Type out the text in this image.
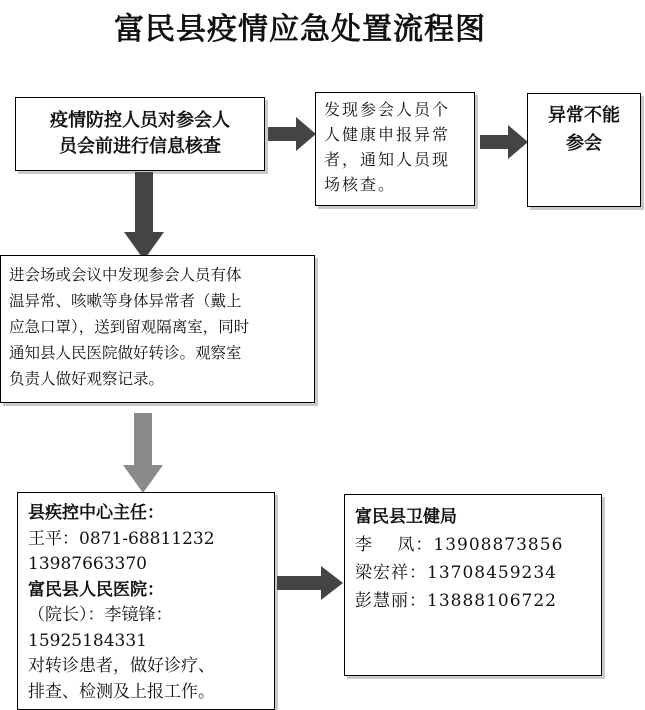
富民县疫情应急处置流程图

疫情防控人员对参会人
员会前进行信息核查

发现参会人员个
人健康申报异常
者，通知人员现
场核查。

异常不能
参会

进会场或会议中发现参会人员有体
温异常、咳嗽等身体异常者（戴上
应急口罩），送到留观隔离室，同时
通知县人民医院做好转诊。观察室
负责人做好观察记录。

县疾控中心主任：
王平：0871-68811232
13987663370
富民县人民医院：
（院长）：李镜锋：
15925184331

对转诊患者，做好诊疗、
排查、检测及上报工作。

富民县卫健局
李　 凤：13908873856
梁宏祥：13708459234
彭慧丽：13888106722
